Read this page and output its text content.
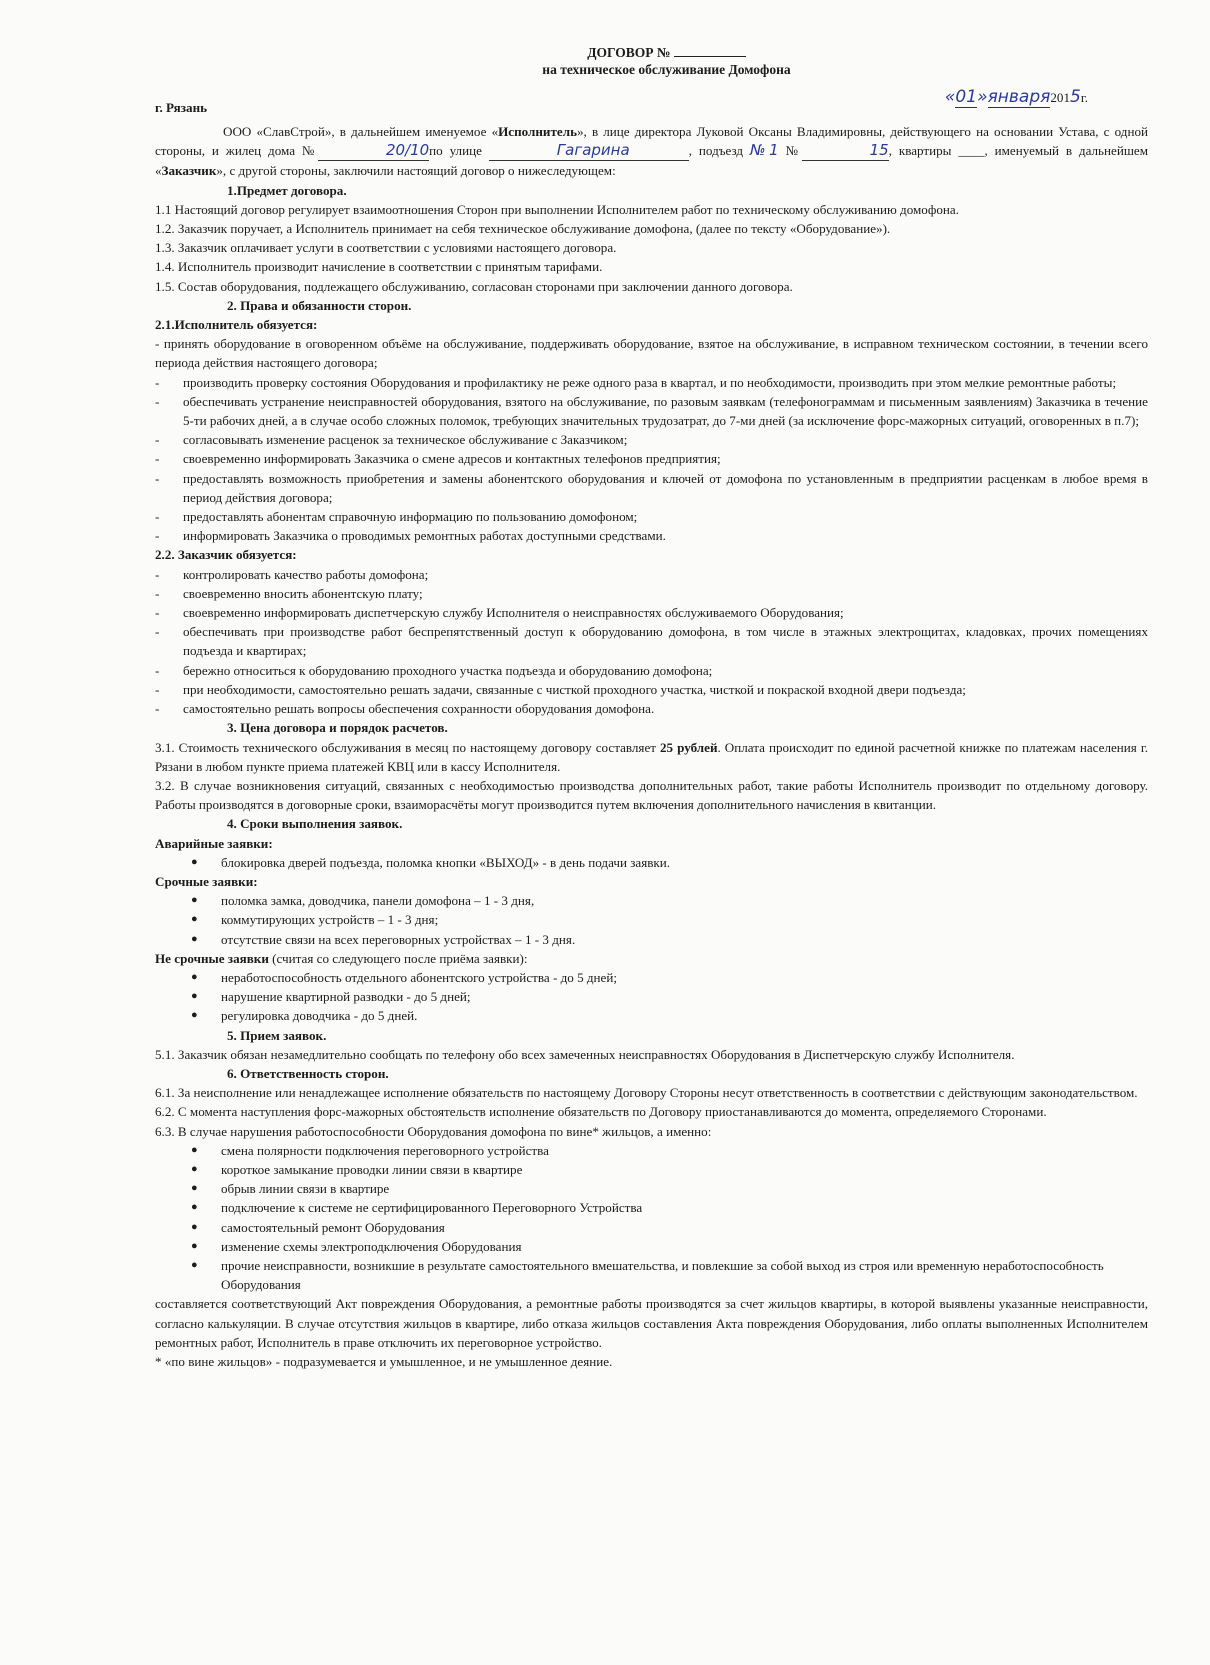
ДОГОВОР №
на техническое обслуживание Домофона
г. Рязань
«01»января2015г.

ООО «СлавСтрой», в дальнейшем именуемое «Исполнитель», в лице директора Луковой Оксаны Владимировны, действующего на основании Устава, с одной стороны, и жилец дома №	20/10по улице	Гагарина	, подъезд №1 №	15, квартиры ____, именуемый в дальнейшем «Заказчик», с другой стороны, заключили настоящий договор о нижеследующем:

1.Предмет договора.

1.1 Настоящий договор регулирует взаимоотношения Сторон при выполнении Исполнителем работ по техническому обслуживанию домофона.

1.2. Заказчик поручает, а Исполнитель принимает на себя техническое обслуживание домофона, (далее по тексту «Оборудование»).

1.3. Заказчик оплачивает услуги в соответствии с условиями настоящего договора.

1.4. Исполнитель производит начисление в соответствии с принятым тарифами.

1.5. Состав оборудования, подлежащего обслуживанию, согласован сторонами при заключении данного договора.

2. Права и обязанности сторон.
2.1.Исполнитель обязуется:

- принять оборудование в оговоренном объёме на обслуживание, поддерживать оборудование, взятое на обслуживание, в исправном техническом состоянии, в течении всего периода действия настоящего договора;

-	производить проверку состояния Оборудования и профилактику не реже одного раза в квартал, и по необходимости, производить при этом мелкие ремонтные работы;
-	обеспечивать устранение неисправностей оборудования, взятого на обслуживание, по разовым заявкам (телефонограммам и письменным заявлениям) Заказчика в течение 5-ти рабочих дней, а в случае особо сложных поломок, требующих значительных трудозатрат, до 7-ми дней (за исключение форс-мажорных ситуаций, оговоренных в п.7);
-	согласовывать изменение расценок за техническое обслуживание с Заказчиком;
-	своевременно информировать Заказчика о смене адресов и контактных телефонов предприятия;
-	предоставлять возможность приобретения и замены абонентского оборудования и ключей от домофона по установленным в предприятии расценкам в любое время в период действия договора;
-	предоставлять абонентам справочную информацию по пользованию домофоном;
-	информировать Заказчика о проводимых ремонтных работах доступными средствами.
2.2. Заказчик обязуется:
-	контролировать качество работы домофона;
-	своевременно вносить абонентскую плату;
-	своевременно информировать диспетчерскую службу Исполнителя о неисправностях обслуживаемого Оборудования;
-	обеспечивать при производстве работ беспрепятственный доступ к оборудованию домофона, в том числе в этажных электрощитах, кладовках, прочих помещениях подъезда и квартирах;
-	бережно относиться к оборудованию проходного участка подъезда и оборудованию домофона;
-	при необходимости, самостоятельно решать задачи, связанные с чисткой проходного участка, чисткой и покраской входной двери подъезда;
-	самостоятельно решать вопросы обеспечения сохранности оборудования домофона.
3. Цена договора и порядок расчетов.

3.1. Стоимость технического обслуживания в месяц по настоящему договору составляет 25 рублей. Оплата происходит по единой расчетной книжке по платежам населения г. Рязани в любом пункте приема платежей КВЦ или в кассу Исполнителя.

3.2. В случае возникновения ситуаций, связанных с необходимостью производства дополнительных работ, такие работы Исполнитель производит по отдельному договору. Работы производятся в договорные сроки, взаиморасчёты могут производится путем включения дополнительного начисления в квитанции.

4. Сроки выполнения заявок.
Аварийные заявки:
●	блокировка дверей подъезда, поломка кнопки «ВЫХОД» - в день подачи заявки.
Срочные заявки:
●	поломка замка, доводчика, панели домофона – 1 - 3 дня,
●	коммутирующих устройств – 1 - 3 дня;
●	отсутствие связи на всех переговорных устройствах – 1 - 3 дня.
Не срочные заявки (считая со следующего после приёма заявки):
●	неработоспособность отдельного абонентского устройства - до 5 дней;
●	нарушение квартирной разводки - до 5 дней;
●	регулировка доводчика - до 5 дней.
5. Прием заявок.

5.1. Заказчик обязан незамедлительно сообщать по телефону обо всех замеченных неисправностях Оборудования в Диспетчерскую службу Исполнителя.

6. Ответственность сторон.

6.1. За неисполнение или ненадлежащее исполнение обязательств по настоящему Договору Стороны несут ответственность в соответствии с действующим законодательством.

6.2. С момента наступления форс-мажорных обстоятельств исполнение обязательств по Договору приостанавливаются до момента, определяемого Сторонами.

6.3. В случае нарушения работоспособности Оборудования домофона по вине* жильцов, а именно:

●	смена полярности подключения переговорного устройства
●	короткое замыкание проводки линии связи в квартире
●	обрыв линии связи в квартире
●	подключение к системе не сертифицированного Переговорного Устройства
●	самостоятельный ремонт Оборудования
●	изменение схемы электроподключения Оборудования
●	прочие неисправности, возникшие в результате самостоятельного вмешательства, и повлекшие за собой выход из строя или временную неработоспособность Оборудования

составляется соответствующий Акт повреждения Оборудования, а ремонтные работы производятся за счет жильцов квартиры, в которой выявлены указанные неисправности, согласно калькуляции. В случае отсутствия жильцов в квартире, либо отказа жильцов составления Акта повреждения Оборудования, либо оплаты выполненных Исполнителем ремонтных работ, Исполнитель в праве отключить их переговорное устройство.

* «по вине жильцов» - подразумевается и умышленное, и не умышленное деяние.
